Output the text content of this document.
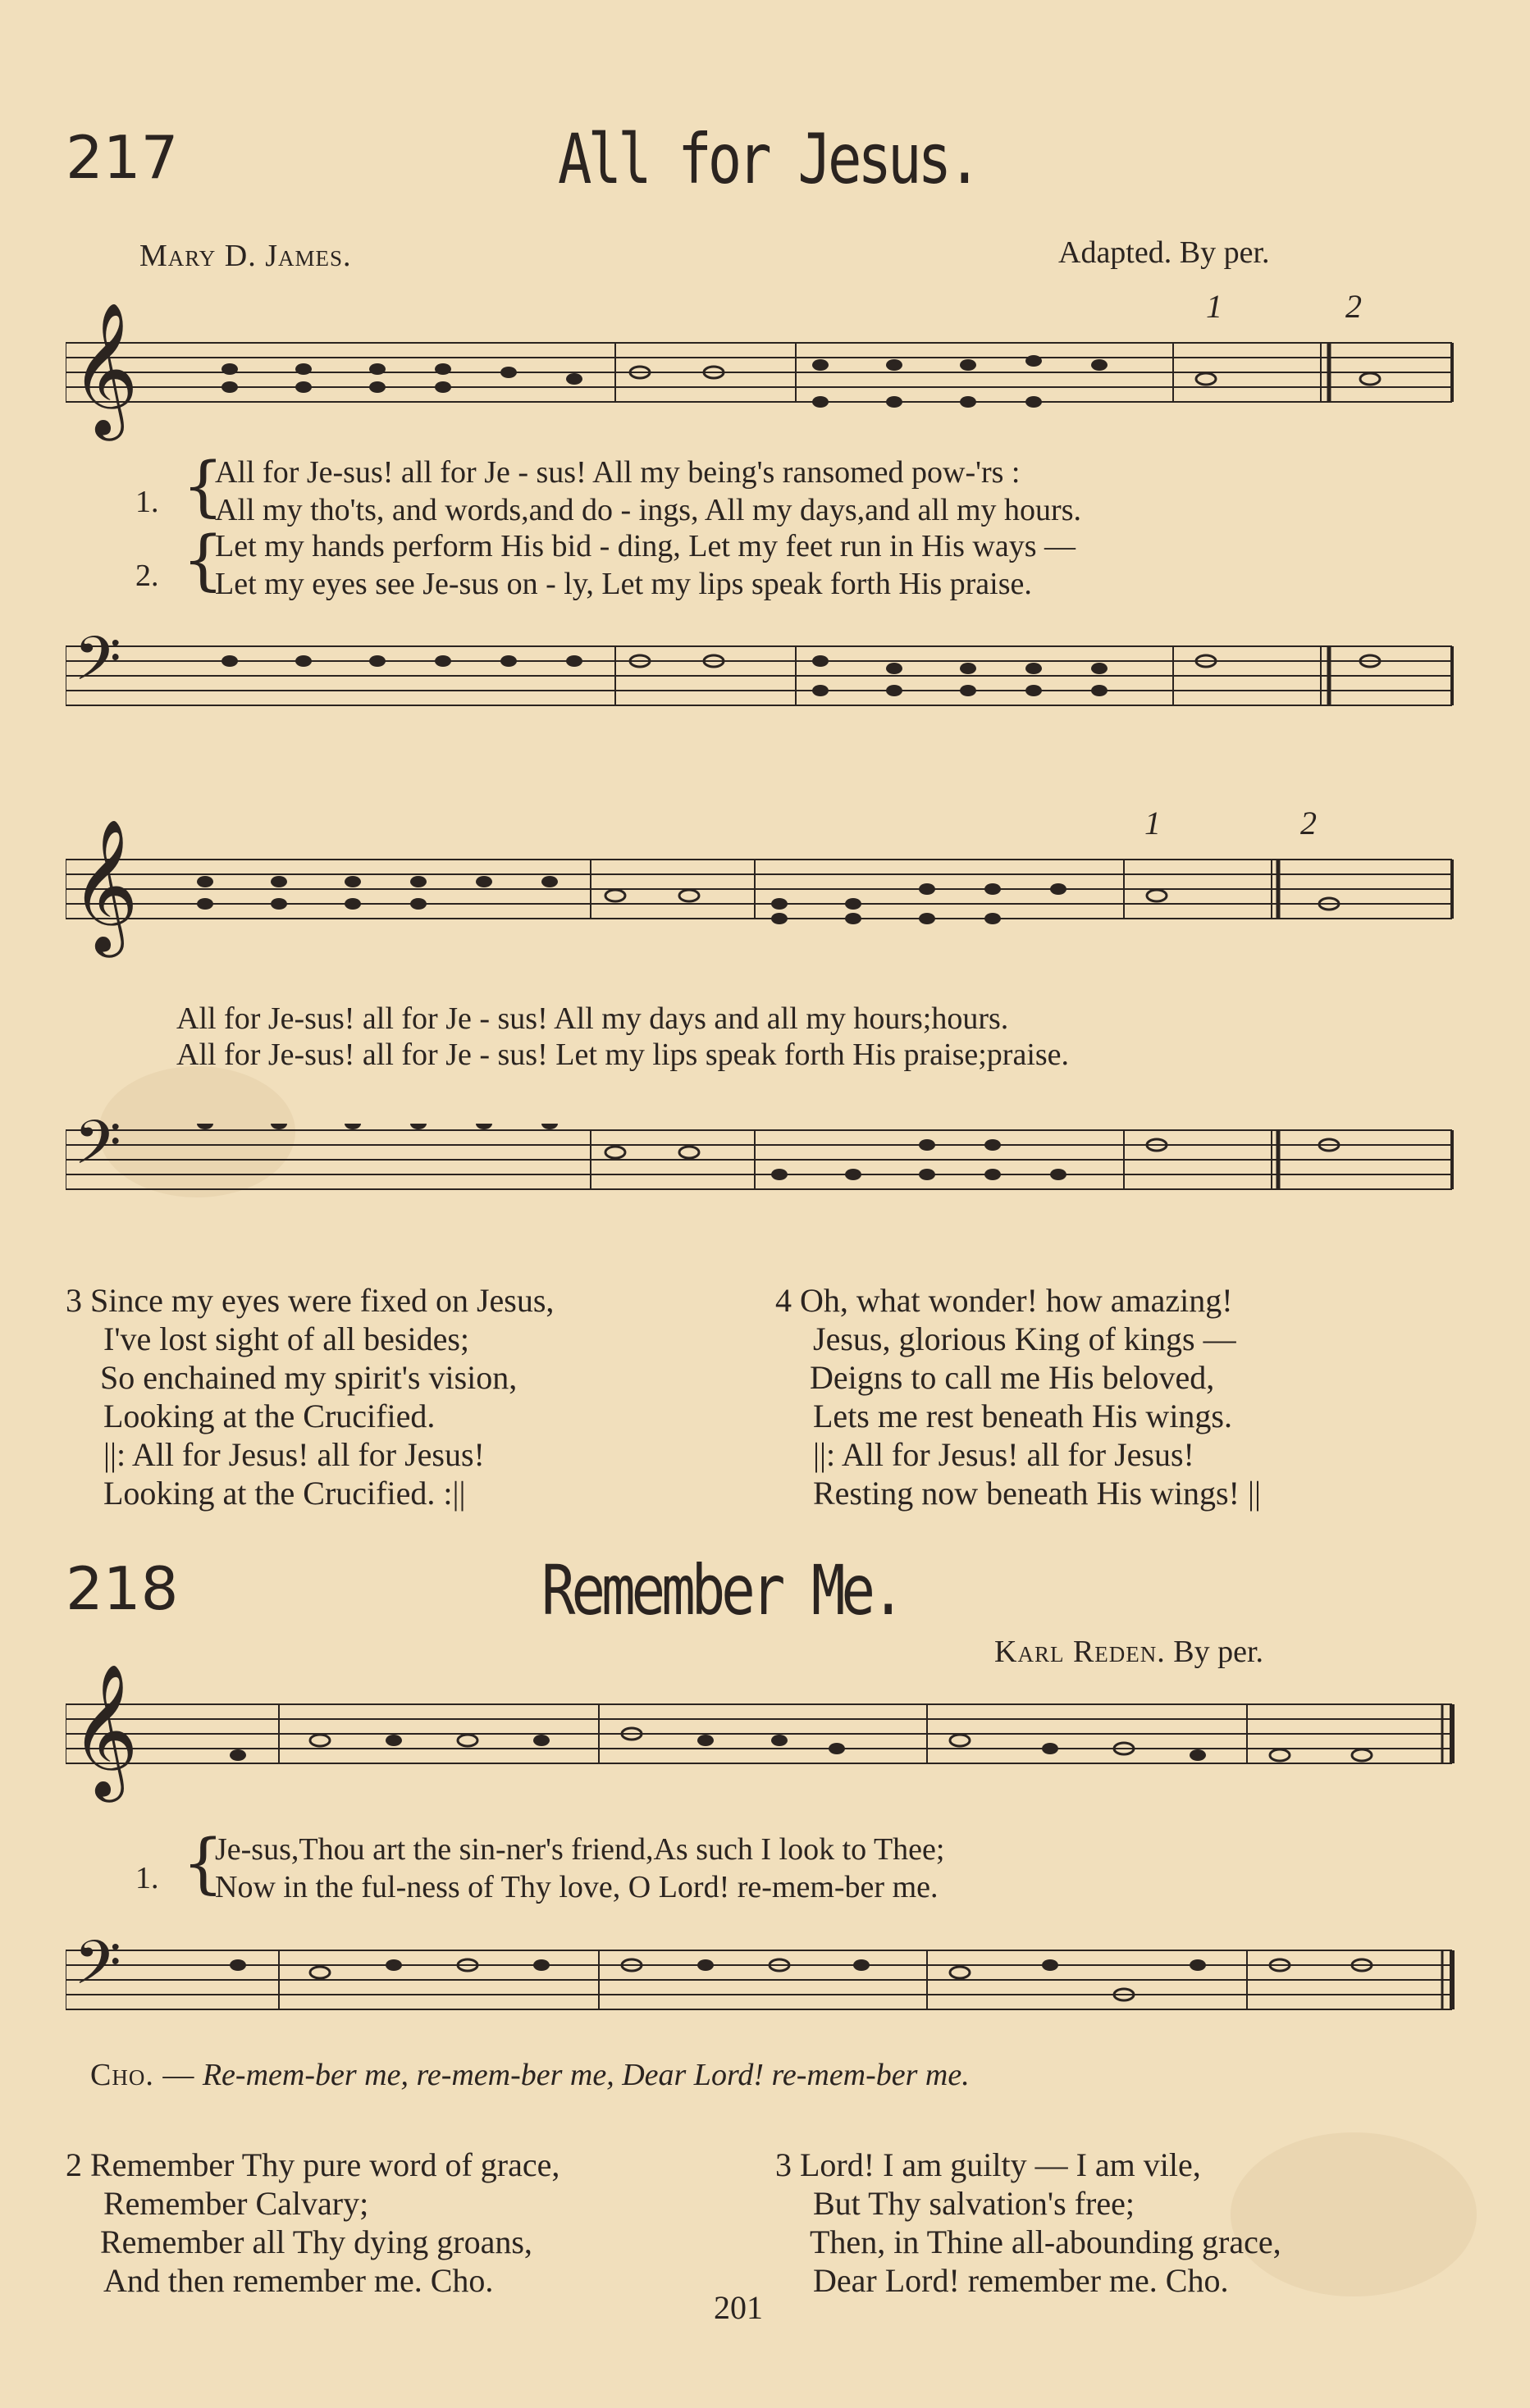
217	All for Jesus.
Mary D. James.	Adapted. By per.
𝄞	1	2
1. {
All for Je-sus! all for Je - sus! All my being's ransomed pow-'rs :
All my tho'ts, and words,and do - ings, All my days,and all my hours.
2. {
Let my hands perform His bid - ding, Let my feet run in His ways —
Let my eyes see Je-sus on - ly, Let my lips speak forth His praise.
𝄢
𝄞	1	2
All for Je-sus! all for Je - sus! All my days and all my hours;hours.
All for Je-sus! all for Je - sus! Let my lips speak forth His praise;praise.
𝄢
3 Since my eyes were fixed on Jesus,
I've lost sight of all besides;
So enchained my spirit's vision,
Looking at the Crucified.
||: All for Jesus! all for Jesus!
Looking at the Crucified. :||
4 Oh, what wonder! how amazing!
Jesus, glorious King of kings —
Deigns to call me His beloved,
Lets me rest beneath His wings.
||: All for Jesus! all for Jesus!
Resting now beneath His wings! ||
218	Remember Me.
Karl Reden. By per.
𝄞
1. {
Je-sus,Thou art the sin-ner's friend,As such I look to Thee;
Now in the ful-ness of Thy love, O Lord! re-mem-ber me.
𝄢
Cho. — Re-mem-ber me, re-mem-ber me, Dear Lord! re-mem-ber me.
2 Remember Thy pure word of grace,
Remember Calvary;
Remember all Thy dying groans,
And then remember me. Cho.
3 Lord! I am guilty — I am vile,
But Thy salvation's free;
Then, in Thine all-abounding grace,
Dear Lord! remember me. Cho.
201
